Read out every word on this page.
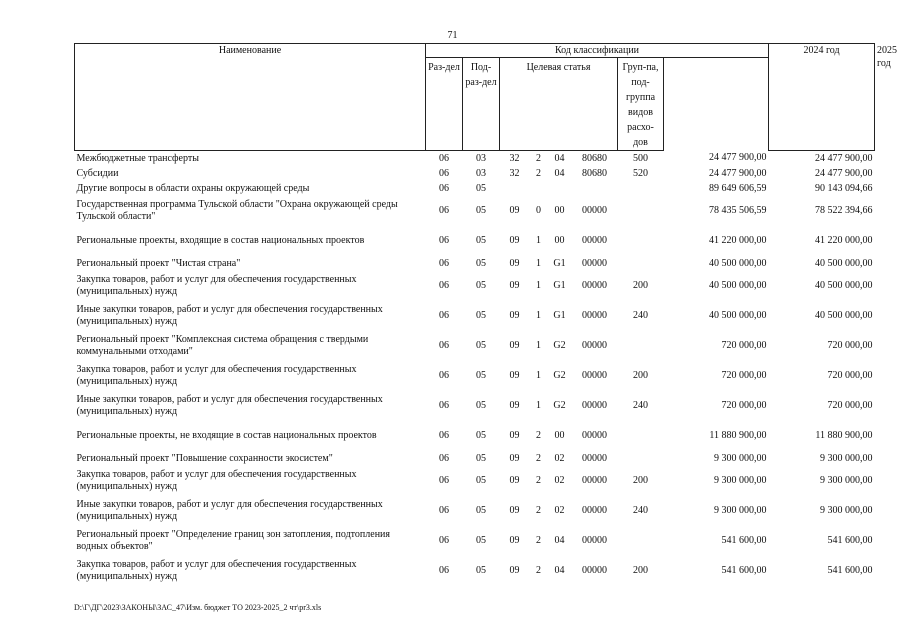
71
Наименование	Код классификации								2024 год	2025 год

	Раз-дел	Под-раз-дел	Целевая статья				Груп-па, под-группа видов расхо-дов			

Межбюджетные трансферты	06	03	32	2	04	80680	500	24 477 900,00	24 477 900,00	
Субсидии	06	03	32	2	04	80680	520	24 477 900,00	24 477 900,00	
Другие вопросы в области охраны окружающей среды	06	05						89 649 606,59	90 143 094,66	
Государственная программа Тульской области "Охрана окружающей среды Тульской области"	06	05	09	0	00	00000		78 435 506,59	78 522 394,66	
Региональные проекты, входящие в состав национальных проектов	06	05	09	1	00	00000		41 220 000,00	41 220 000,00	
Региональный проект "Чистая страна"	06	05	09	1	G1	00000		40 500 000,00	40 500 000,00	
Закупка товаров, работ и услуг для обеспечения государственных (муниципальных) нужд	06	05	09	1	G1	00000	200	40 500 000,00	40 500 000,00	
Иные закупки товаров, работ и услуг для обеспечения государственных (муниципальных) нужд	06	05	09	1	G1	00000	240	40 500 000,00	40 500 000,00	
Региональный проект "Комплексная система обращения с твердыми коммунальными отходами"	06	05	09	1	G2	00000		720 000,00	720 000,00	
Закупка товаров, работ и услуг для обеспечения государственных (муниципальных) нужд	06	05	09	1	G2	00000	200	720 000,00	720 000,00	
Иные закупки товаров, работ и услуг для обеспечения государственных (муниципальных) нужд	06	05	09	1	G2	00000	240	720 000,00	720 000,00	
Региональные проекты, не входящие в состав национальных проектов	06	05	09	2	00	00000		11 880 900,00	11 880 900,00	
Региональный проект "Повышение сохранности экосистем"	06	05	09	2	02	00000		9 300 000,00	9 300 000,00	
Закупка товаров, работ и услуг для обеспечения государственных (муниципальных) нужд	06	05	09	2	02	00000	200	9 300 000,00	9 300 000,00	
Иные закупки товаров, работ и услуг для обеспечения государственных (муниципальных) нужд	06	05	09	2	02	00000	240	9 300 000,00	9 300 000,00	
Региональный проект "Определение границ зон затопления, подтопления водных объектов"	06	05	09	2	04	00000		541 600,00	541 600,00	
Закупка товаров, работ и услуг для обеспечения государственных (муниципальных) нужд	06	05	09	2	04	00000	200	541 600,00	541 600,00	
D:\Г\ДГ\2023\ЗАКОНЫ\ЗАС_47\Изм. бюджет ТО 2023-2025_2 чт\pr3.xls
